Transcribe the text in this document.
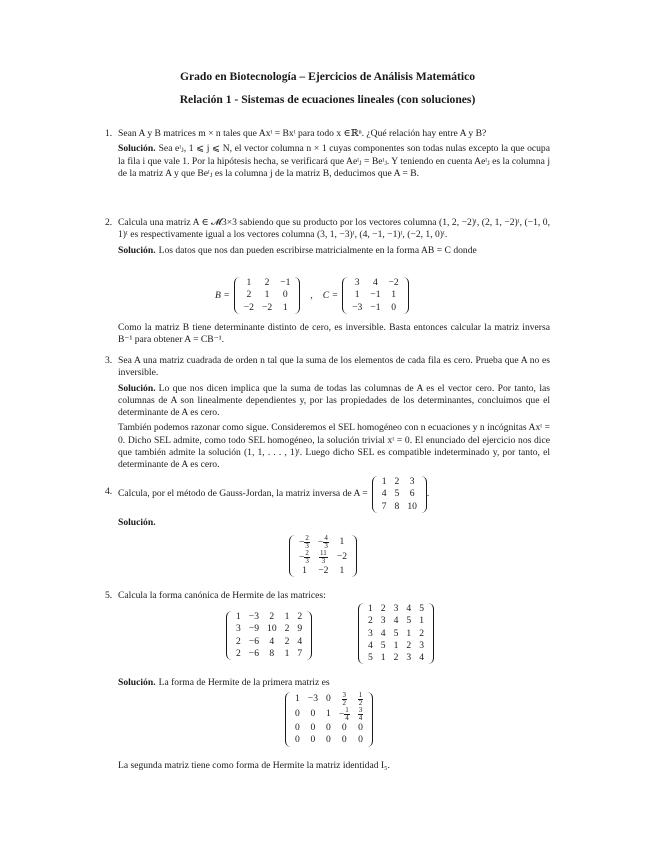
Grado en Biotecnología – Ejercicios de Análisis Matemático
Relación 1 - Sistemas de ecuaciones lineales (con soluciones)
1. Sean A y B matrices m × n tales que Axᵗ = Bxᵗ para todo x ∈ℝⁿ. ¿Qué relación hay entre A y B?

Solución. Sea eᵗⱼ, 1 ⩽ j ⩽ N, el vector columna n × 1 cuyas componentes son todas nulas excepto la que ocupa la fila i que vale 1. Por la hipótesis hecha, se verificará que Aeᵗⱼ = Beᵗⱼ. Y teniendo en cuenta Aeᵗⱼ es la columna j de la matriz A y que Beᵗⱼ es la columna j de la matriz B, deducimos que A = B.

2. Calcula una matriz A ∈ 𝓜3×3 sabiendo que su producto por los vectores columna (1, 2, −2)ᵗ, (2, 1, −2)ᵗ, (−1, 0, 1)ᵗ es respectivamente igual a los vectores columna (3, 1, −3)ᵗ, (4, −1, −1)ᵗ, (−2, 1, 0)ᵗ.

Solución. Los datos que nos dan pueden escribirse matricialmente en la forma AB = C donde

B =
1	2	−1
2	1	0
−2	−2	1
, C =
3	4	−2
1	−1	1
−3	−1	0

Como la matriz B tiene determinante distinto de cero, es inversible. Basta entonces calcular la matriz inversa B⁻¹ para obtener A = CB⁻¹.

3. Sea A una matriz cuadrada de orden n tal que la suma de los elementos de cada fila es cero. Prueba que A no es inversible.

Solución. Lo que nos dicen implica que la suma de todas las columnas de A es el vector cero. Por tanto, las columnas de A son linealmente dependientes y, por las propiedades de los determinantes, concluimos que el determinante de A es cero.

También podemos razonar como sigue. Consideremos el SEL homogéneo con n ecuaciones y n incógnitas Axᵗ = 0. Dicho SEL admite, como todo SEL homogéneo, la solución trivial xᵗ = 0. El enunciado del ejercicio nos dice que también admite la solución (1, 1, . . . , 1)ᵗ. Luego dicho SEL es compatible indeterminado y, por tanto, el determinante de A es cero.

4. Calcula, por el método de Gauss-Jordan, la matriz inversa de A =
1	2	3
4	5	6
7	8	10
.

Solución.

− $\frac{2}{3}$	− $\frac{4}{3}$	1
− $\frac{2}{3}$	$\frac{11}{3}$	−2
1	−2	1
5. Calcula la forma canónica de Hermite de las matrices:

1	−3	2	1	2
3	−9	10	2	9
2	−6	4	2	4
2	−6	8	1	7
1	2	3	4	5
2	3	4	5	1
3	4	5	1	2
4	5	1	2	3
5	1	2	3	4

Solución. La forma de Hermite de la primera matriz es

1	−3	0	$\frac{3}{2}$	$\frac{1}{2}$

0	0	1	− $\frac{1}{4}$	$\frac{3}{4}$

0	0	0	0	0
0	0	0	0	0

La segunda matriz tiene como forma de Hermite la matriz identidad I₅.
